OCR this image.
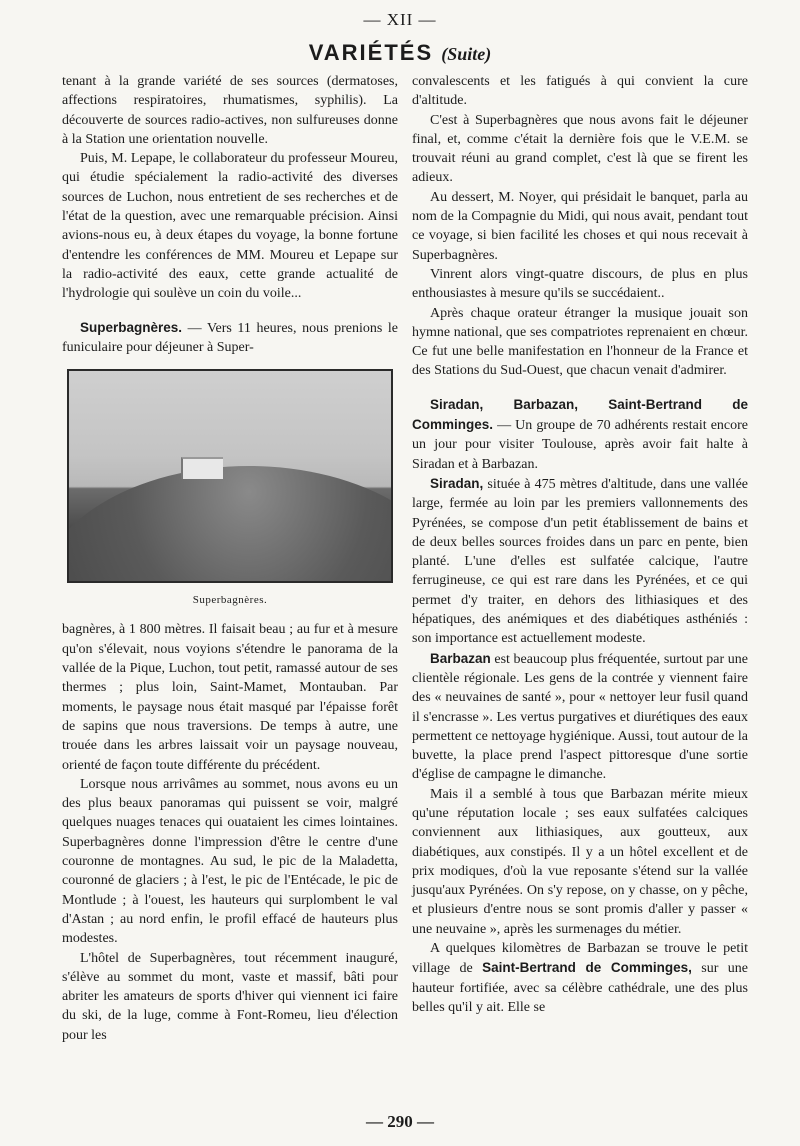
— XII —
VARIÉTÉS (Suite)

tenant à la grande variété de ses sources (dermatoses, affections respiratoires, rhumatismes, syphilis). La découverte de sources radio-actives, non sulfureuses donne à la Station une orientation nouvelle.

Puis, M. Lepape, le collaborateur du professeur Moureu, qui étudie spécialement la radio-activité des diverses sources de Luchon, nous entretient de ses recherches et de l'état de la question, avec une remarquable précision. Ainsi avions-nous eu, à deux étapes du voyage, la bonne fortune d'entendre les conférences de MM. Moureu et Lepape sur la radio-activité des eaux, cette grande actualité de l'hydrologie qui soulève un coin du voile...

Superbagnères. — Vers 11 heures, nous prenions le funiculaire pour déjeuner à Super-

Superbagnères.

bagnères, à 1 800 mètres. Il faisait beau ; au fur et à mesure qu'on s'élevait, nous voyions s'étendre le panorama de la vallée de la Pique, Luchon, tout petit, ramassé autour de ses thermes ; plus loin, Saint-Mamet, Montauban. Par moments, le paysage nous était masqué par l'épaisse forêt de sapins que nous traversions. De temps à autre, une trouée dans les arbres laissait voir un paysage nouveau, orienté de façon toute différente du précédent.

Lorsque nous arrivâmes au sommet, nous avons eu un des plus beaux panoramas qui puissent se voir, malgré quelques nuages tenaces qui ouataient les cimes lointaines. Superbagnères donne l'impression d'être le centre d'une couronne de montagnes. Au sud, le pic de la Maladetta, couronné de glaciers ; à l'est, le pic de l'Entécade, le pic de Montlude ; à l'ouest, les hauteurs qui surplombent le val d'Astan ; au nord enfin, le profil effacé de hauteurs plus modestes.

L'hôtel de Superbagnères, tout récemment inauguré, s'élève au sommet du mont, vaste et massif, bâti pour abriter les amateurs de sports d'hiver qui viennent ici faire du ski, de la luge, comme à Font-Romeu, lieu d'élection pour les

convalescents et les fatigués à qui convient la cure d'altitude.

C'est à Superbagnères que nous avons fait le déjeuner final, et, comme c'était la dernière fois que le V.E.M. se trouvait réuni au grand complet, c'est là que se firent les adieux.

Au dessert, M. Noyer, qui présidait le banquet, parla au nom de la Compagnie du Midi, qui nous avait, pendant tout ce voyage, si bien facilité les choses et qui nous recevait à Superbagnères.

Vinrent alors vingt-quatre discours, de plus en plus enthousiastes à mesure qu'ils se succédaient..

Après chaque orateur étranger la musique jouait son hymne national, que ses compatriotes reprenaient en chœur. Ce fut une belle manifestation en l'honneur de la France et des Stations du Sud-Ouest, que chacun venait d'admirer.

Siradan, Barbazan, Saint-Bertrand de Comminges. — Un groupe de 70 adhérents restait encore un jour pour visiter Toulouse, après avoir fait halte à Siradan et à Barbazan.

Siradan, située à 475 mètres d'altitude, dans une vallée large, fermée au loin par les premiers vallonnements des Pyrénées, se compose d'un petit établissement de bains et de deux belles sources froides dans un parc en pente, bien planté. L'une d'elles est sulfatée calcique, l'autre ferrugineuse, ce qui est rare dans les Pyrénées, et ce qui permet d'y traiter, en dehors des lithiasiques et des hépatiques, des anémiques et des diabétiques asthéniés : son importance est actuellement modeste.

Barbazan est beaucoup plus fréquentée, surtout par une clientèle régionale. Les gens de la contrée y viennent faire des « neuvaines de santé », pour « nettoyer leur fusil quand il s'encrasse ». Les vertus purgatives et diurétiques des eaux permettent ce nettoyage hygiénique. Aussi, tout autour de la buvette, la place prend l'aspect pittoresque d'une sortie d'église de campagne le dimanche.

Mais il a semblé à tous que Barbazan mérite mieux qu'une réputation locale ; ses eaux sulfatées calciques conviennent aux lithiasiques, aux goutteux, aux diabétiques, aux constipés. Il y a un hôtel excellent et de prix modiques, d'où la vue reposante s'étend sur la vallée jusqu'aux Pyrénées. On s'y repose, on y chasse, on y pêche, et plusieurs d'entre nous se sont promis d'aller y passer « une neuvaine », après les surmenages du métier.

A quelques kilomètres de Barbazan se trouve le petit village de Saint-Bertrand de Comminges, sur une hauteur fortifiée, avec sa célèbre cathédrale, une des plus belles qu'il y ait. Elle se

— 290 —
